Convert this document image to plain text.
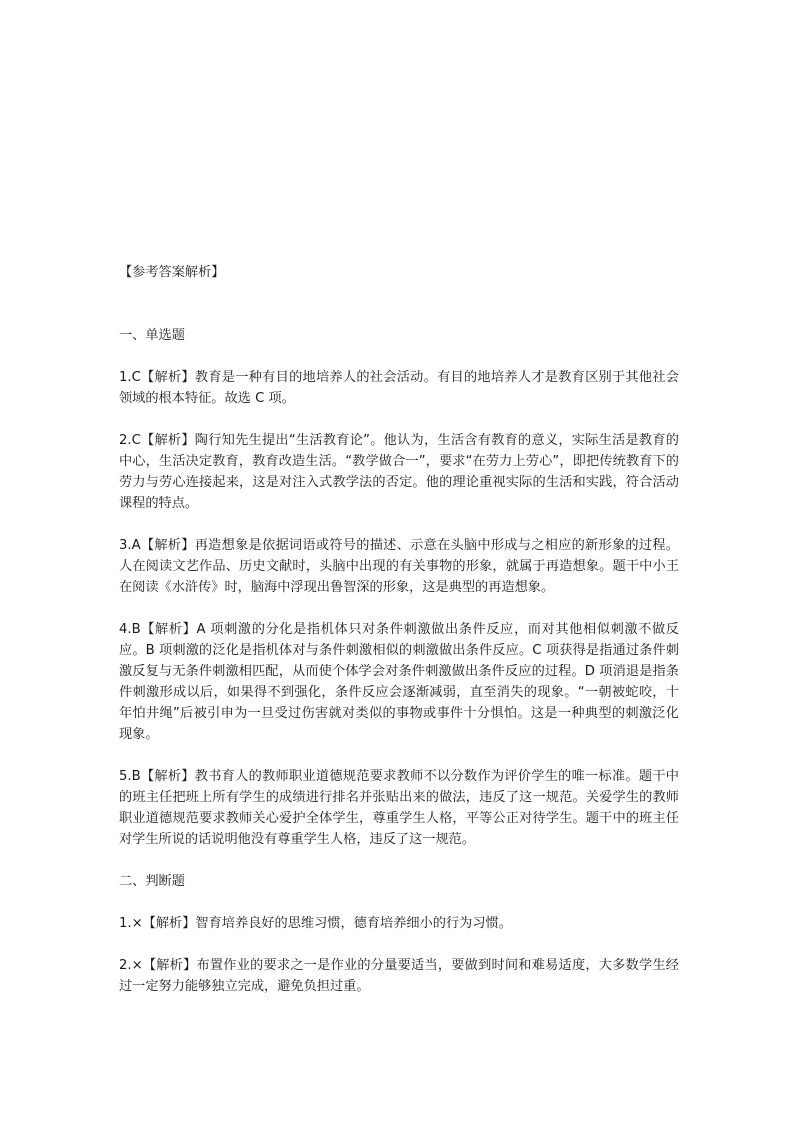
【参考答案解析】

一、单选题

1.C【解析】教育是一种有目的地培养人的社会活动。有目的地培养人才是教育区别于其他社会领域的根本特征。故选 C 项。

2.C【解析】陶行知先生提出“生活教育论”。他认为，生活含有教育的意义，实际生活是教育的中心，生活决定教育，教育改造生活。“教学做合一”，要求“在劳力上劳心”，即把传统教育下的劳力与劳心连接起来，这是对注入式教学法的否定。他的理论重视实际的生活和实践，符合活动课程的特点。

3.A【解析】再造想象是依据词语或符号的描述、示意在头脑中形成与之相应的新形象的过程。人在阅读文艺作品、历史文献时，头脑中出现的有关事物的形象，就属于再造想象。题干中小王在阅读《水浒传》时，脑海中浮现出鲁智深的形象，这是典型的再造想象。

4.B【解析】A 项刺激的分化是指机体只对条件刺激做出条件反应，而对其他相似刺激不做反应。B 项刺激的泛化是指机体对与条件刺激相似的刺激做出条件反应。C 项获得是指通过条件刺激反复与无条件刺激相匹配，从而使个体学会对条件刺激做出条件反应的过程。D 项消退是指条件刺激形成以后，如果得不到强化，条件反应会逐渐减弱，直至消失的现象。“一朝被蛇咬，十年怕井绳”后被引申为一旦受过伤害就对类似的事物或事件十分惧怕。这是一种典型的刺激泛化现象。

5.B【解析】教书育人的教师职业道德规范要求教师不以分数作为评价学生的唯一标准。题干中的班主任把班上所有学生的成绩进行排名并张贴出来的做法，违反了这一规范。关爱学生的教师职业道德规范要求教师关心爱护全体学生，尊重学生人格，平等公正对待学生。题干中的班主任对学生所说的话说明他没有尊重学生人格，违反了这一规范。

二、判断题

1.×【解析】智育培养良好的思维习惯，德育培养细小的行为习惯。

2.×【解析】布置作业的要求之一是作业的分量要适当，要做到时间和难易适度，大多数学生经过一定努力能够独立完成，避免负担过重。
